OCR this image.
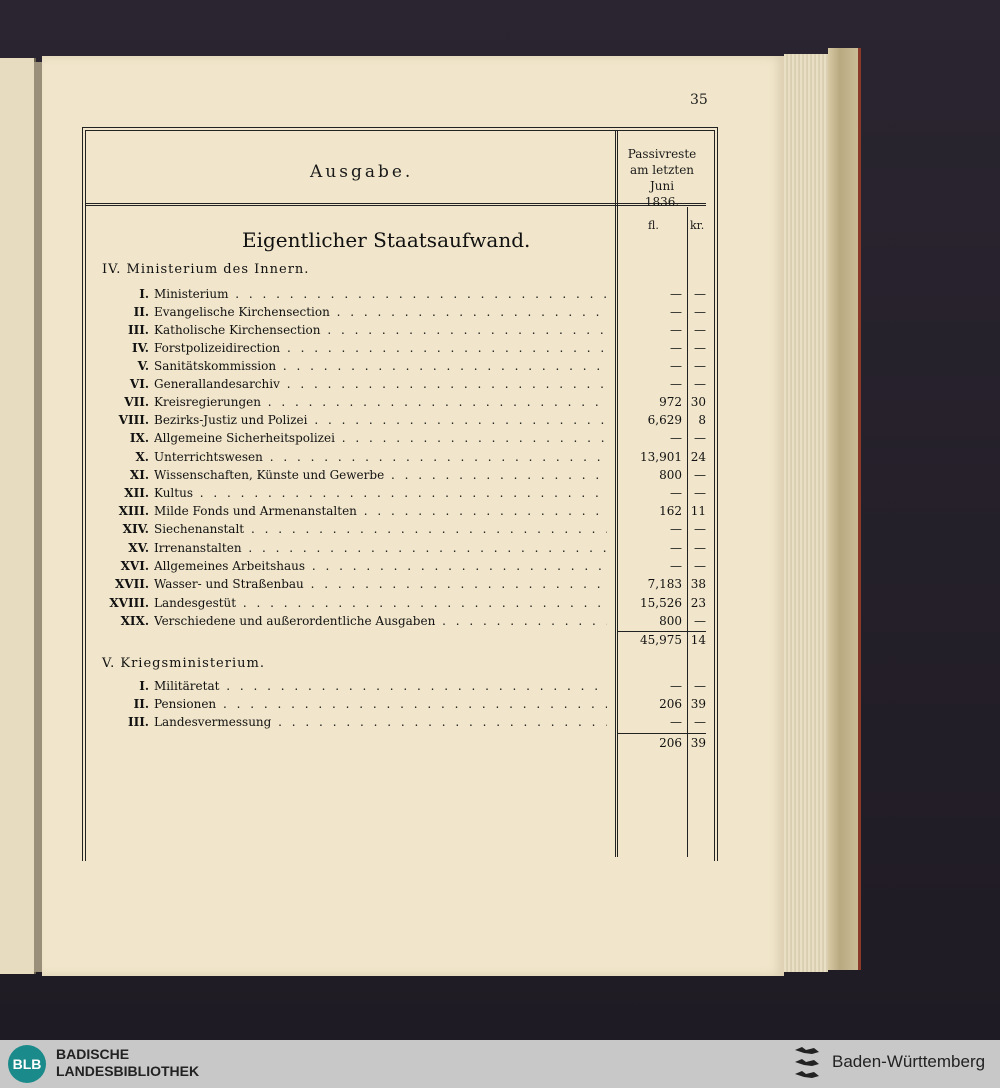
35
Ausgabe.
Passivreste
am letzten Juni
1836.
fl.	kr.
Eigentlicher Staatsaufwand.
IV. Ministerium des Innern.
I. Ministerium . . .	—	—
II. Evangelische Kirchensection . . .	—	—
III. Katholische Kirchensection . . .	—	—
IV. Forstpolizeidirection . . .	—	—
V. Sanitätskommission . . .	—	—
VI. Generallandesarchiv . . .	—	—
VII. Kreisregierungen . . .	972 30
VIII. Bezirks-Justiz und Polizei . . .	6,629	8
IX. Allgemeine Sicherheitspolizei . . .	—	—
X. Unterrichtswesen . . .	13,901 24
XI. Wissenschaften, Künste und Gewerbe . . .	800	—
XII. Kultus . . .	—	—
XIII. Milde Fonds und Armenanstalten . . .	162 11
XIV. Siechenanstalt . . .	—	—
XV. Irrenanstalten . . .	—	—
XVI. Allgemeines Arbeitshaus . . .	—	—
XVII. Wasser- und Straßenbau . . .	7,183 38
XVIII. Landesgestüt . . .	15,526 23
XIX. Verschiedene und außerordentliche Ausgaben . . .	800	—
45,975 14
V. Kriegsministerium.
I. Militäretat . . .	—	—
II. Pensionen . . .	206 39
III. Landesvermessung . . .	—	—
206 39
BLB
BADISCHE
LANDESBIBLIOTHEK	Baden-Württemberg
